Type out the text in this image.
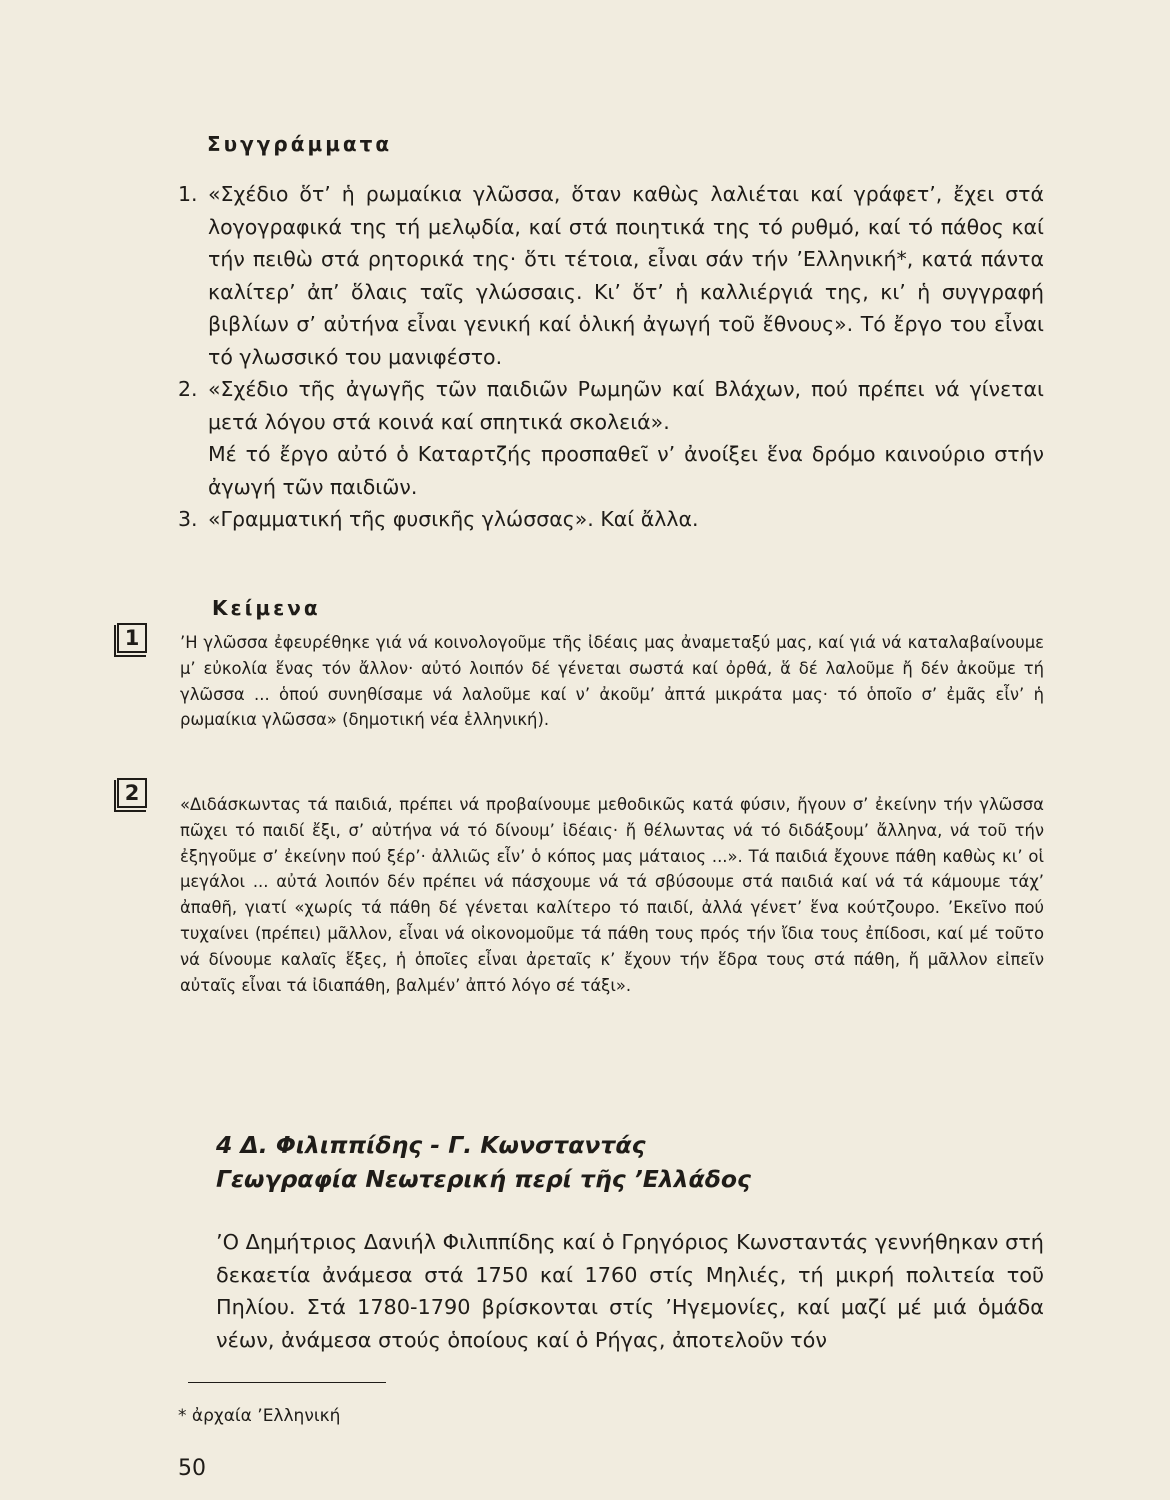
Συγγράμματα
1. «Σχέδιο ὅτ’ ἡ ρωμαίκια γλῶσσα, ὅταν καθὼς λαλιέται καί γράφετ’, ἔχει στά λογογραφικά της τή μελῳδία, καί στά ποιητικά της τό ρυθμό, καί τό πάθος καί τήν πειθὼ στά ρητορικά της· ὅτι τέτοια, εἶναι σάν τήν ’Ελληνική*, κατά πάντα καλίτερ’ ἀπ’ ὅλαις ταῖς γλώσσαις. Κι’ ὅτ’ ἡ καλλιέργιά της, κι’ ἡ συγγραφή βιβλίων σ’ αὐτήνα εἶναι γενική καί ὁλική ἀγωγή τοῦ ἔθνους». Τό ἔργο του εἶναι τό γλωσσικό του μανιφέστο.

2. «Σχέδιο τῆς ἀγωγῆς τῶν παιδιῶν Ρωμηῶν καί Βλάχων, πού πρέπει νά γίνεται μετά λόγου στά κοινά καί σπητικά σκολειά».

Μέ τό ἔργο αὐτό ὁ Καταρτζής προσπαθεῖ ν’ ἀνοίξει ἕνα δρόμο καινούριο στήν ἀγωγή τῶν παιδιῶν.

3. «Γραμματική τῆς φυσικῆς γλώσσας». Καί ἄλλα.

Κείμενα
1	’Η γλῶσσα ἐφευρέθηκε γιά νά κοινολογοῦμε τῆς ἰδέαις μας ἀναμεταξύ μας, καί γιά νά καταλαβαίνουμε μ’ εὐκολία ἕνας τόν ἄλλον· αὐτό λοιπόν δέ γένεται σωστά καί ὀρθά, ἅ δέ λαλοῦμε ἤ δέν ἀκοῦμε τή γλῶσσα ... ὁπού συνηθίσαμε νά λαλοῦμε καί ν’ ἀκοῦμ’ ἀπτά μικράτα μας· τό ὁποῖο σ’ ἐμᾶς εἶν’ ἡ ρωμαίκια γλῶσσα» (δημοτική νέα ἑλληνική).

2	«Διδάσκωντας τά παιδιά, πρέπει νά προβαίνουμε μεθοδικῶς κατά φύσιν, ἤγουν σ’ ἐκείνην τήν γλῶσσα πῶχει τό παιδί ἔξι, σ’ αὐτήνα νά τό δίνουμ’ ἰδέαις· ἤ θέλωντας νά τό διδάξουμ’ ἄλληνα, νά τοῦ τήν ἐξηγοῦμε σ’ ἐκείνην πού ξέρ’· ἀλλιῶς εἶν’ ὁ κόπος μας μάταιος ...». Τά παιδιά ἔχουνε πάθη καθὼς κι’ οἱ μεγάλοι ... αὐτά λοιπόν δέν πρέπει νά πάσχουμε νά τά σβύσουμε στά παιδιά καί νά τά κάμουμε τάχ’ ἀπαθῆ, γιατί «χωρίς τά πάθη δέ γένεται καλίτερο τό παιδί, ἀλλά γένετ’ ἕνα κούτζουρο. ’Εκεῖνο πού τυχαίνει (πρέπει) μᾶλλον, εἶναι νά οἰκονομοῦμε τά πάθη τους πρός τήν ἴδια τους ἐπίδοσι, καί μέ τοῦτο νά δίνουμε καλαῖς ἕξες, ἡ ὁποῖες εἶναι ἀρεταῖς κ’ ἔχουν τήν ἕδρα τους στά πάθη, ἤ μᾶλλον εἰπεῖν αὐταῖς εἶναι τά ἰδιαπάθη, βαλμέν’ ἀπτό λόγο σέ τάξι».

4 Δ. Φιλιππίδης - Γ. Κωνσταντάς
Γεωγραφία Νεωτερική περί τῆς ’Ελλάδος

’Ο Δημήτριος Δανιήλ Φιλιππίδης καί ὁ Γρηγόριος Κωνσταντάς γεννήθηκαν στή δεκαετία ἀνάμεσα στά 1750 καί 1760 στίς Μηλιές, τή μικρή πολιτεία τοῦ Πηλίου. Στά 1780-1790 βρίσκονται στίς ’Ηγεμονίες, καί μαζί μέ μιά ὁμάδα νέων, ἀνάμεσα στούς ὁποίους καί ὁ Ρήγας, ἀποτελοῦν τόν

* ἀρχαία ’Ελληνική
50
